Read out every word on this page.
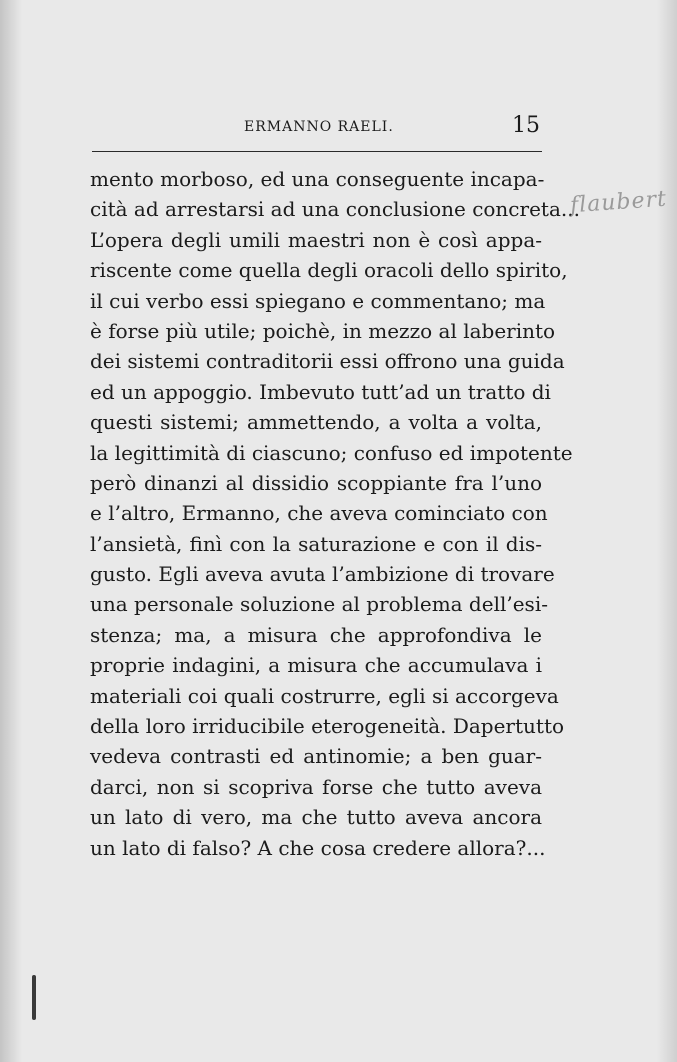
ERMANNO RAELI.	15
mento morboso, ed una conseguente incapa-
cità ad arrestarsi ad una conclusione concreta...
L’opera degli umili maestri non è così appa-
riscente come quella degli oracoli dello spirito,
il cui verbo essi spiegano e commentano; ma
è forse più utile; poichè, in mezzo al laberinto
dei sistemi contraditorii essi offrono una guida
ed un appoggio. Imbevuto tutt’ad un tratto di
questi sistemi; ammettendo, a volta a volta,
la legittimità di ciascuno; confuso ed impotente
però dinanzi al dissidio scoppiante fra l’uno
e l’altro, Ermanno, che aveva cominciato con
l’ansietà, finì con la saturazione e con il dis-
gusto. Egli aveva avuta l’ambizione di trovare
una personale soluzione al problema dell’esi-
stenza; ma, a misura che approfondiva le
proprie indagini, a misura che accumulava i
materiali coi quali costrurre, egli si accorgeva
della loro irriducibile eterogeneità. Dapertutto
vedeva contrasti ed antinomie; a ben guar-
darci, non si scopriva forse che tutto aveva
un lato di vero, ma che tutto aveva ancora
un lato di falso? A che cosa credere allora?...
flaubert
